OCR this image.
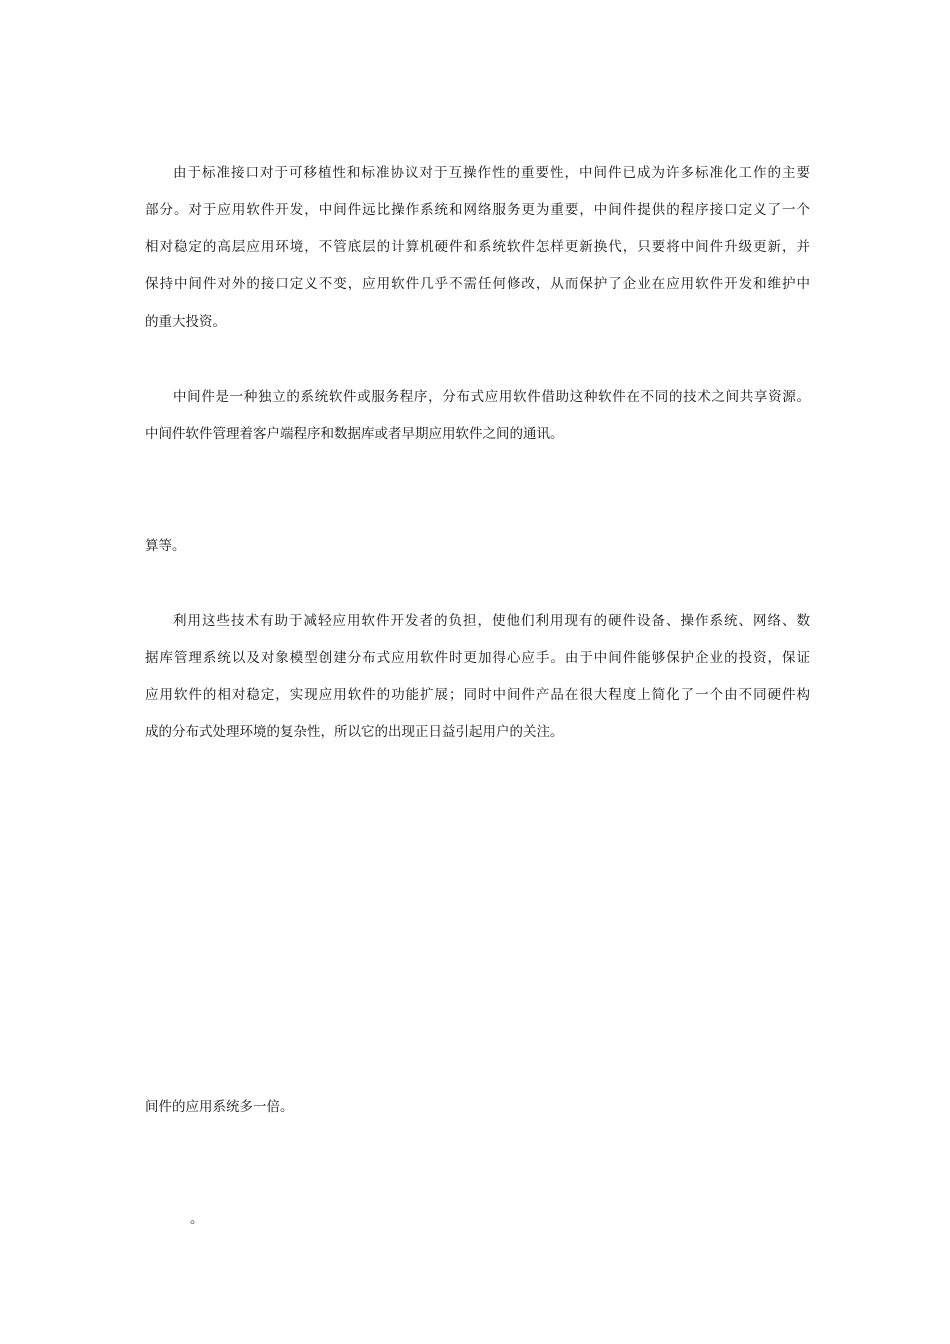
由于标准接口对于可移植性和标准协议对于互操作性的重要性，中间件已成为许多标准化工作的主要
部分。对于应用软件开发，中间件远比操作系统和网络服务更为重要，中间件提供的程序接口定义了一个
相对稳定的高层应用环境，不管底层的计算机硬件和系统软件怎样更新换代，只要将中间件升级更新，并
保持中间件对外的接口定义不变，应用软件几乎不需任何修改，从而保护了企业在应用软件开发和维护中
的重大投资。
中间件是一种独立的系统软件或服务程序，分布式应用软件借助这种软件在不同的技术之间共享资源。
中间件软件管理着客户端程序和数据库或者早期应用软件之间的通讯。
算等。
利用这些技术有助于减轻应用软件开发者的负担，使他们利用现有的硬件设备、操作系统、网络、数
据库管理系统以及对象模型创建分布式应用软件时更加得心应手。由于中间件能够保护企业的投资，保证
应用软件的相对稳定，实现应用软件的功能扩展；同时中间件产品在很大程度上简化了一个由不同硬件构
成的分布式处理环境的复杂性，所以它的出现正日益引起用户的关注。
间件的应用系统多一倍。
。
